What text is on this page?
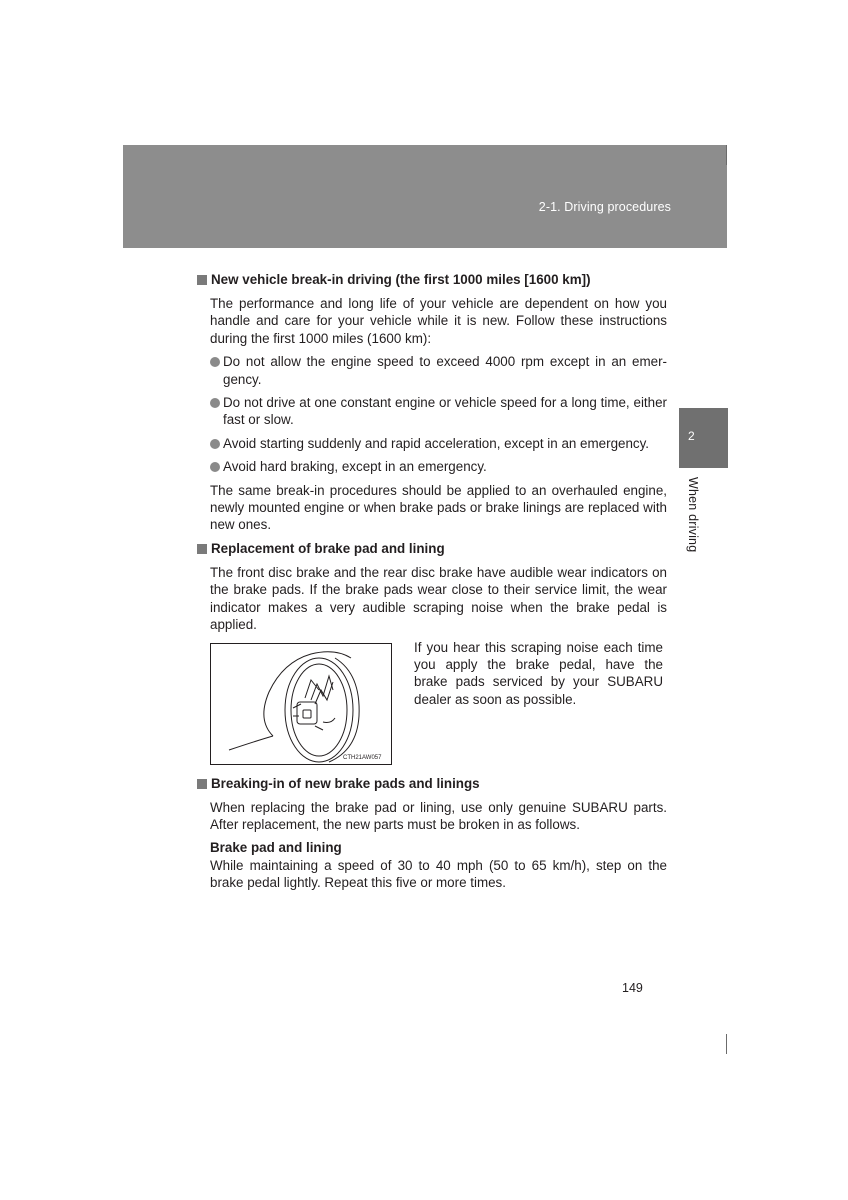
2-1. Driving procedures
2
When driving
New vehicle break-in driving (the first 1000 miles [1600 km])

The performance and long life of your vehicle are dependent on how you handle and care for your vehicle while it is new. Follow these instructions during the first 1000 miles (1600 km):

Do not allow the engine speed to exceed 4000 rpm except in an emer-gency.
Do not drive at one constant engine or vehicle speed for a long time, either fast or slow.
Avoid starting suddenly and rapid acceleration, except in an emergency.
Avoid hard braking, except in an emergency.

The same break-in procedures should be applied to an overhauled engine, newly mounted engine or when brake pads or brake linings are replaced with new ones.

Replacement of brake pad and lining

The front disc brake and the rear disc brake have audible wear indicators on the brake pads. If the brake pads wear close to their service limit, the wear indicator makes a very audible scraping noise when the brake pedal is applied.

CTH21AW057
If you hear this scraping noise each time you apply the brake pedal, have the brake pads serviced by your SUBARU dealer as soon as possible.
Breaking-in of new brake pads and linings

When replacing the brake pad or lining, use only genuine SUBARU parts. After replacement, the new parts must be broken in as follows.

Brake pad and lining

While maintaining a speed of 30 to 40 mph (50 to 65 km/h), step on the brake pedal lightly. Repeat this five or more times.

149
